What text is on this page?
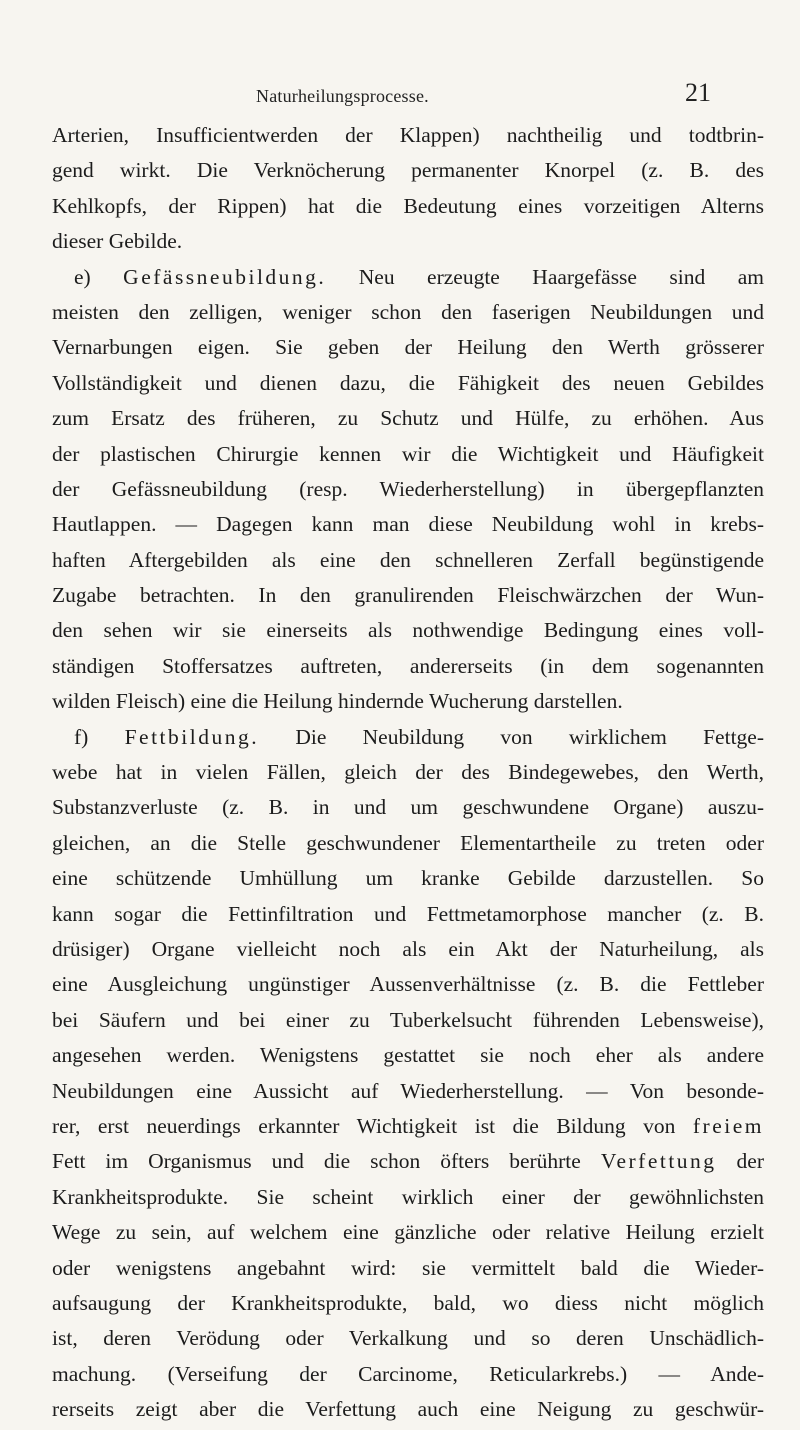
Naturheilungsprocesse.	21
Arterien, Insufficientwerden der Klappen) nachtheilig und todtbrin-
gend wirkt. Die Verknöcherung permanenter Knorpel (z. B. des
Kehlkopfs, der Rippen) hat die Bedeutung eines vorzeitigen Alterns
dieser Gebilde.
e) Gefässneubildung. Neu erzeugte Haargefässe sind am
meisten den zelligen, weniger schon den faserigen Neubildungen und
Vernarbungen eigen. Sie geben der Heilung den Werth grösserer
Vollständigkeit und dienen dazu, die Fähigkeit des neuen Gebildes
zum Ersatz des früheren, zu Schutz und Hülfe, zu erhöhen. Aus
der plastischen Chirurgie kennen wir die Wichtigkeit und Häufigkeit
der Gefässneubildung (resp. Wiederherstellung) in übergepflanzten
Hautlappen. — Dagegen kann man diese Neubildung wohl in krebs-
haften Aftergebilden als eine den schnelleren Zerfall begünstigende
Zugabe betrachten. In den granulirenden Fleischwärzchen der Wun-
den sehen wir sie einerseits als nothwendige Bedingung eines voll-
ständigen Stoffersatzes auftreten, andererseits (in dem sogenannten
wilden Fleisch) eine die Heilung hindernde Wucherung darstellen.
f) Fettbildung. Die Neubildung von wirklichem Fettge-
webe hat in vielen Fällen, gleich der des Bindegewebes, den Werth,
Substanzverluste (z. B. in und um geschwundene Organe) auszu-
gleichen, an die Stelle geschwundener Elementartheile zu treten oder
eine schützende Umhüllung um kranke Gebilde darzustellen. So
kann sogar die Fettinfiltration und Fettmetamorphose mancher (z. B.
drüsiger) Organe vielleicht noch als ein Akt der Naturheilung, als
eine Ausgleichung ungünstiger Aussenverhältnisse (z. B. die Fettleber
bei Säufern und bei einer zu Tuberkelsucht führenden Lebensweise),
angesehen werden. Wenigstens gestattet sie noch eher als andere
Neubildungen eine Aussicht auf Wiederherstellung. — Von besonde-
rer, erst neuerdings erkannter Wichtigkeit ist die Bildung von freiem
Fett im Organismus und die schon öfters berührte Verfettung der
Krankheitsprodukte. Sie scheint wirklich einer der gewöhnlichsten
Wege zu sein, auf welchem eine gänzliche oder relative Heilung erzielt
oder wenigstens angebahnt wird: sie vermittelt bald die Wieder-
aufsaugung der Krankheitsprodukte, bald, wo diess nicht möglich
ist, deren Verödung oder Verkalkung und so deren Unschädlich-
machung. (Verseifung der Carcinome, Reticularkrebs.) — Ande-
rerseits zeigt aber die Verfettung auch eine Neigung zu geschwür-
